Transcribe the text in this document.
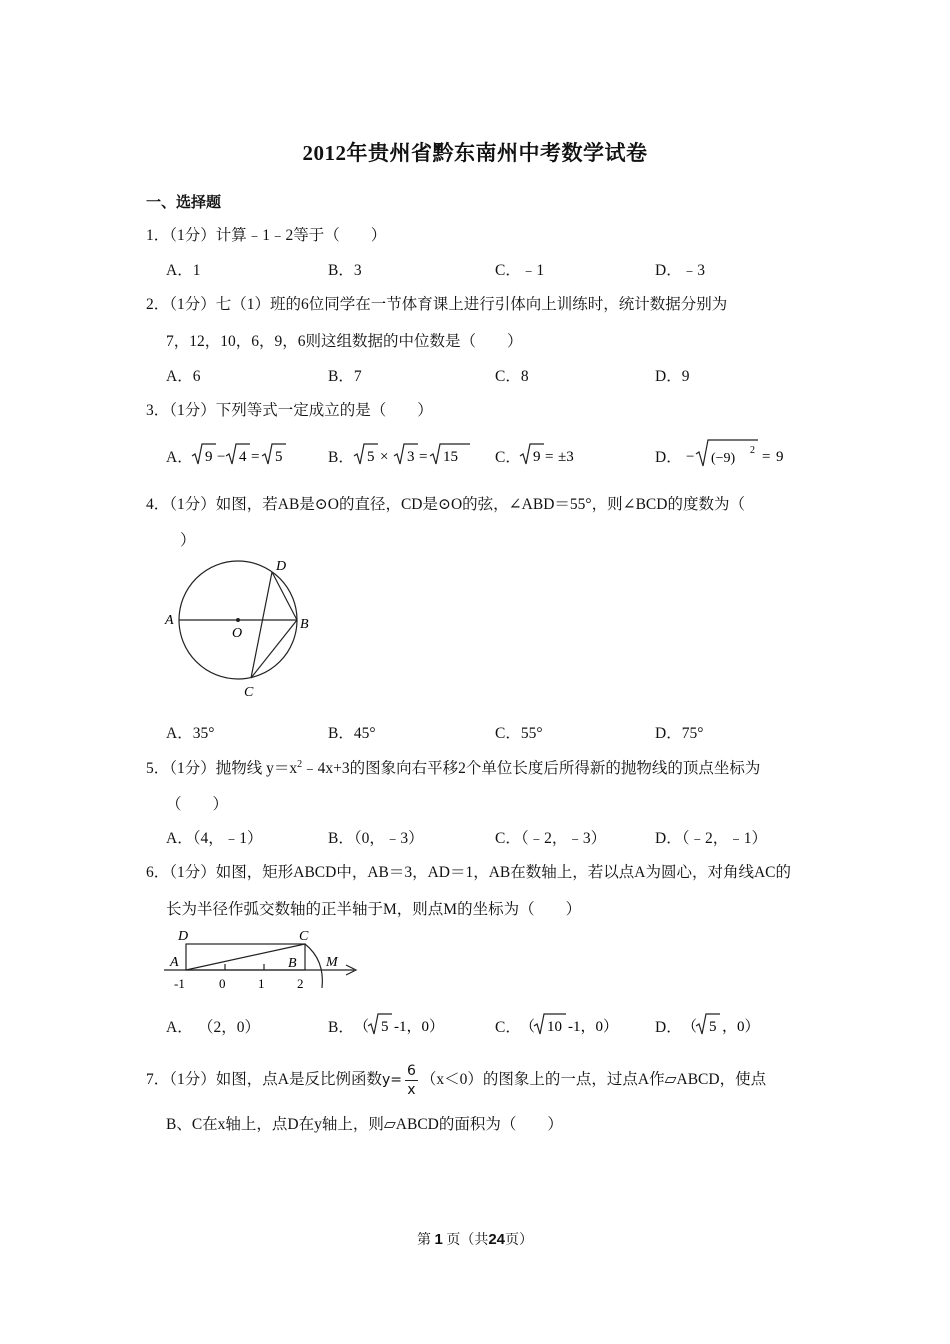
2012年贵州省黔东南州中考数学试卷
一、选择题
1．（1分）计算﹣1﹣2等于（　　）
A．1	B．3	C．﹣1	D．﹣3
2．（1分）七（1）班的6位同学在一节体育课上进行引体向上训练时，统计数据分别为
7，12，10，6，9，6则这组数据的中位数是（　　）
A．6	B．7	C．8	D．9
3．（1分）下列等式一定成立的是（　　）
A． 9 − 4 = 5	B． 5 × 3 = 15 C． 9 = ±3	D． − (−9)
2 = 9
4．（1分）如图，若AB是⊙O的直径，CD是⊙O的弦，∠ABD＝55°，则∠BCD的度数为（
）
A	B
C
D
O
A．35°	B．45°	C．55°	D．75°
5．（1分）抛物线 $y=x^2﹣4x+3$的图象向右平移2个单位长度后所得新的抛物线的顶点坐标为
（　　）
A．（4，﹣1）	B．（0，﹣3）	C．（﹣2，﹣3）	D．（﹣2，﹣1）
6．（1分）如图，矩形ABCD中，AB＝3，AD＝1，AB在数轴上，若以点A为圆心，对角线AC的
长为半径作弧交数轴的正半轴于M，则点M的坐标为（　　）
D
A
C
B M
-1	0	1	2
A． （2，0）	B． （ 5 -1，0）	C． （ 10 -1，0） D． （ 5 ，0）
7．（1分）如图，点A是反比例函数$y= \frac{6}{x} (x<0)$的图象上的一点，过点A作▱ABCD，使点
B、C在x轴上，点D在y轴上，则▱ABCD的面积为（　　）
第 1 页（共24页）
